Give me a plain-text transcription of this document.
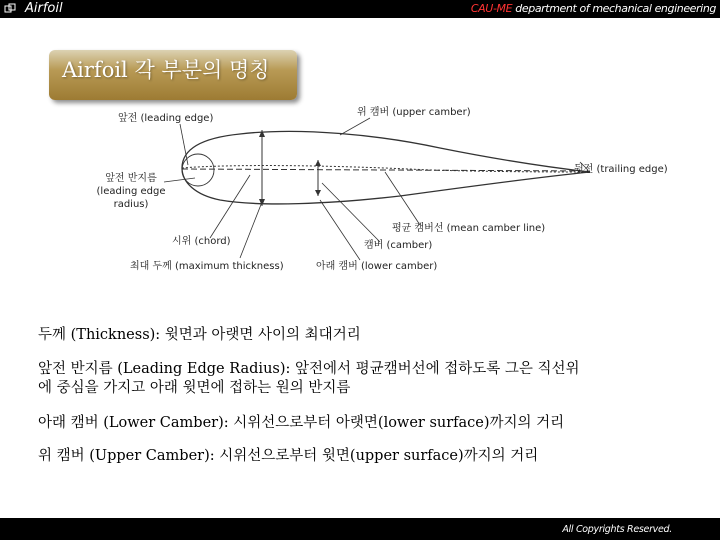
Airfoil	CAU-ME department of mechanical engineering
Airfoil 각 부분의 명칭
앞전 (leading edge)
위 캠버 (upper camber)
뒷전 (trailing edge)
앞전 반지름
(leading edge
radius)
평균 캠버선 (mean camber line)
시위 (chord)	캠버 (camber)
최대 두께 (maximum thickness)	아래 캠버 (lower camber)
두께 (Thickness): 윗면과 아랫면 사이의 최대거리
앞전 반지름 (Leading Edge Radius): 앞전에서 평균캠버선에 접하도록 그은 직선위
에 중심을 가지고 아래 윗면에 접하는 원의 반지름
아래 캠버 (Lower Camber): 시위선으로부터 아랫면(lower surface)까지의 거리
위 캠버 (Upper Camber): 시위선으로부터 윗면(upper surface)까지의 거리
All Copyrights Reserved.
